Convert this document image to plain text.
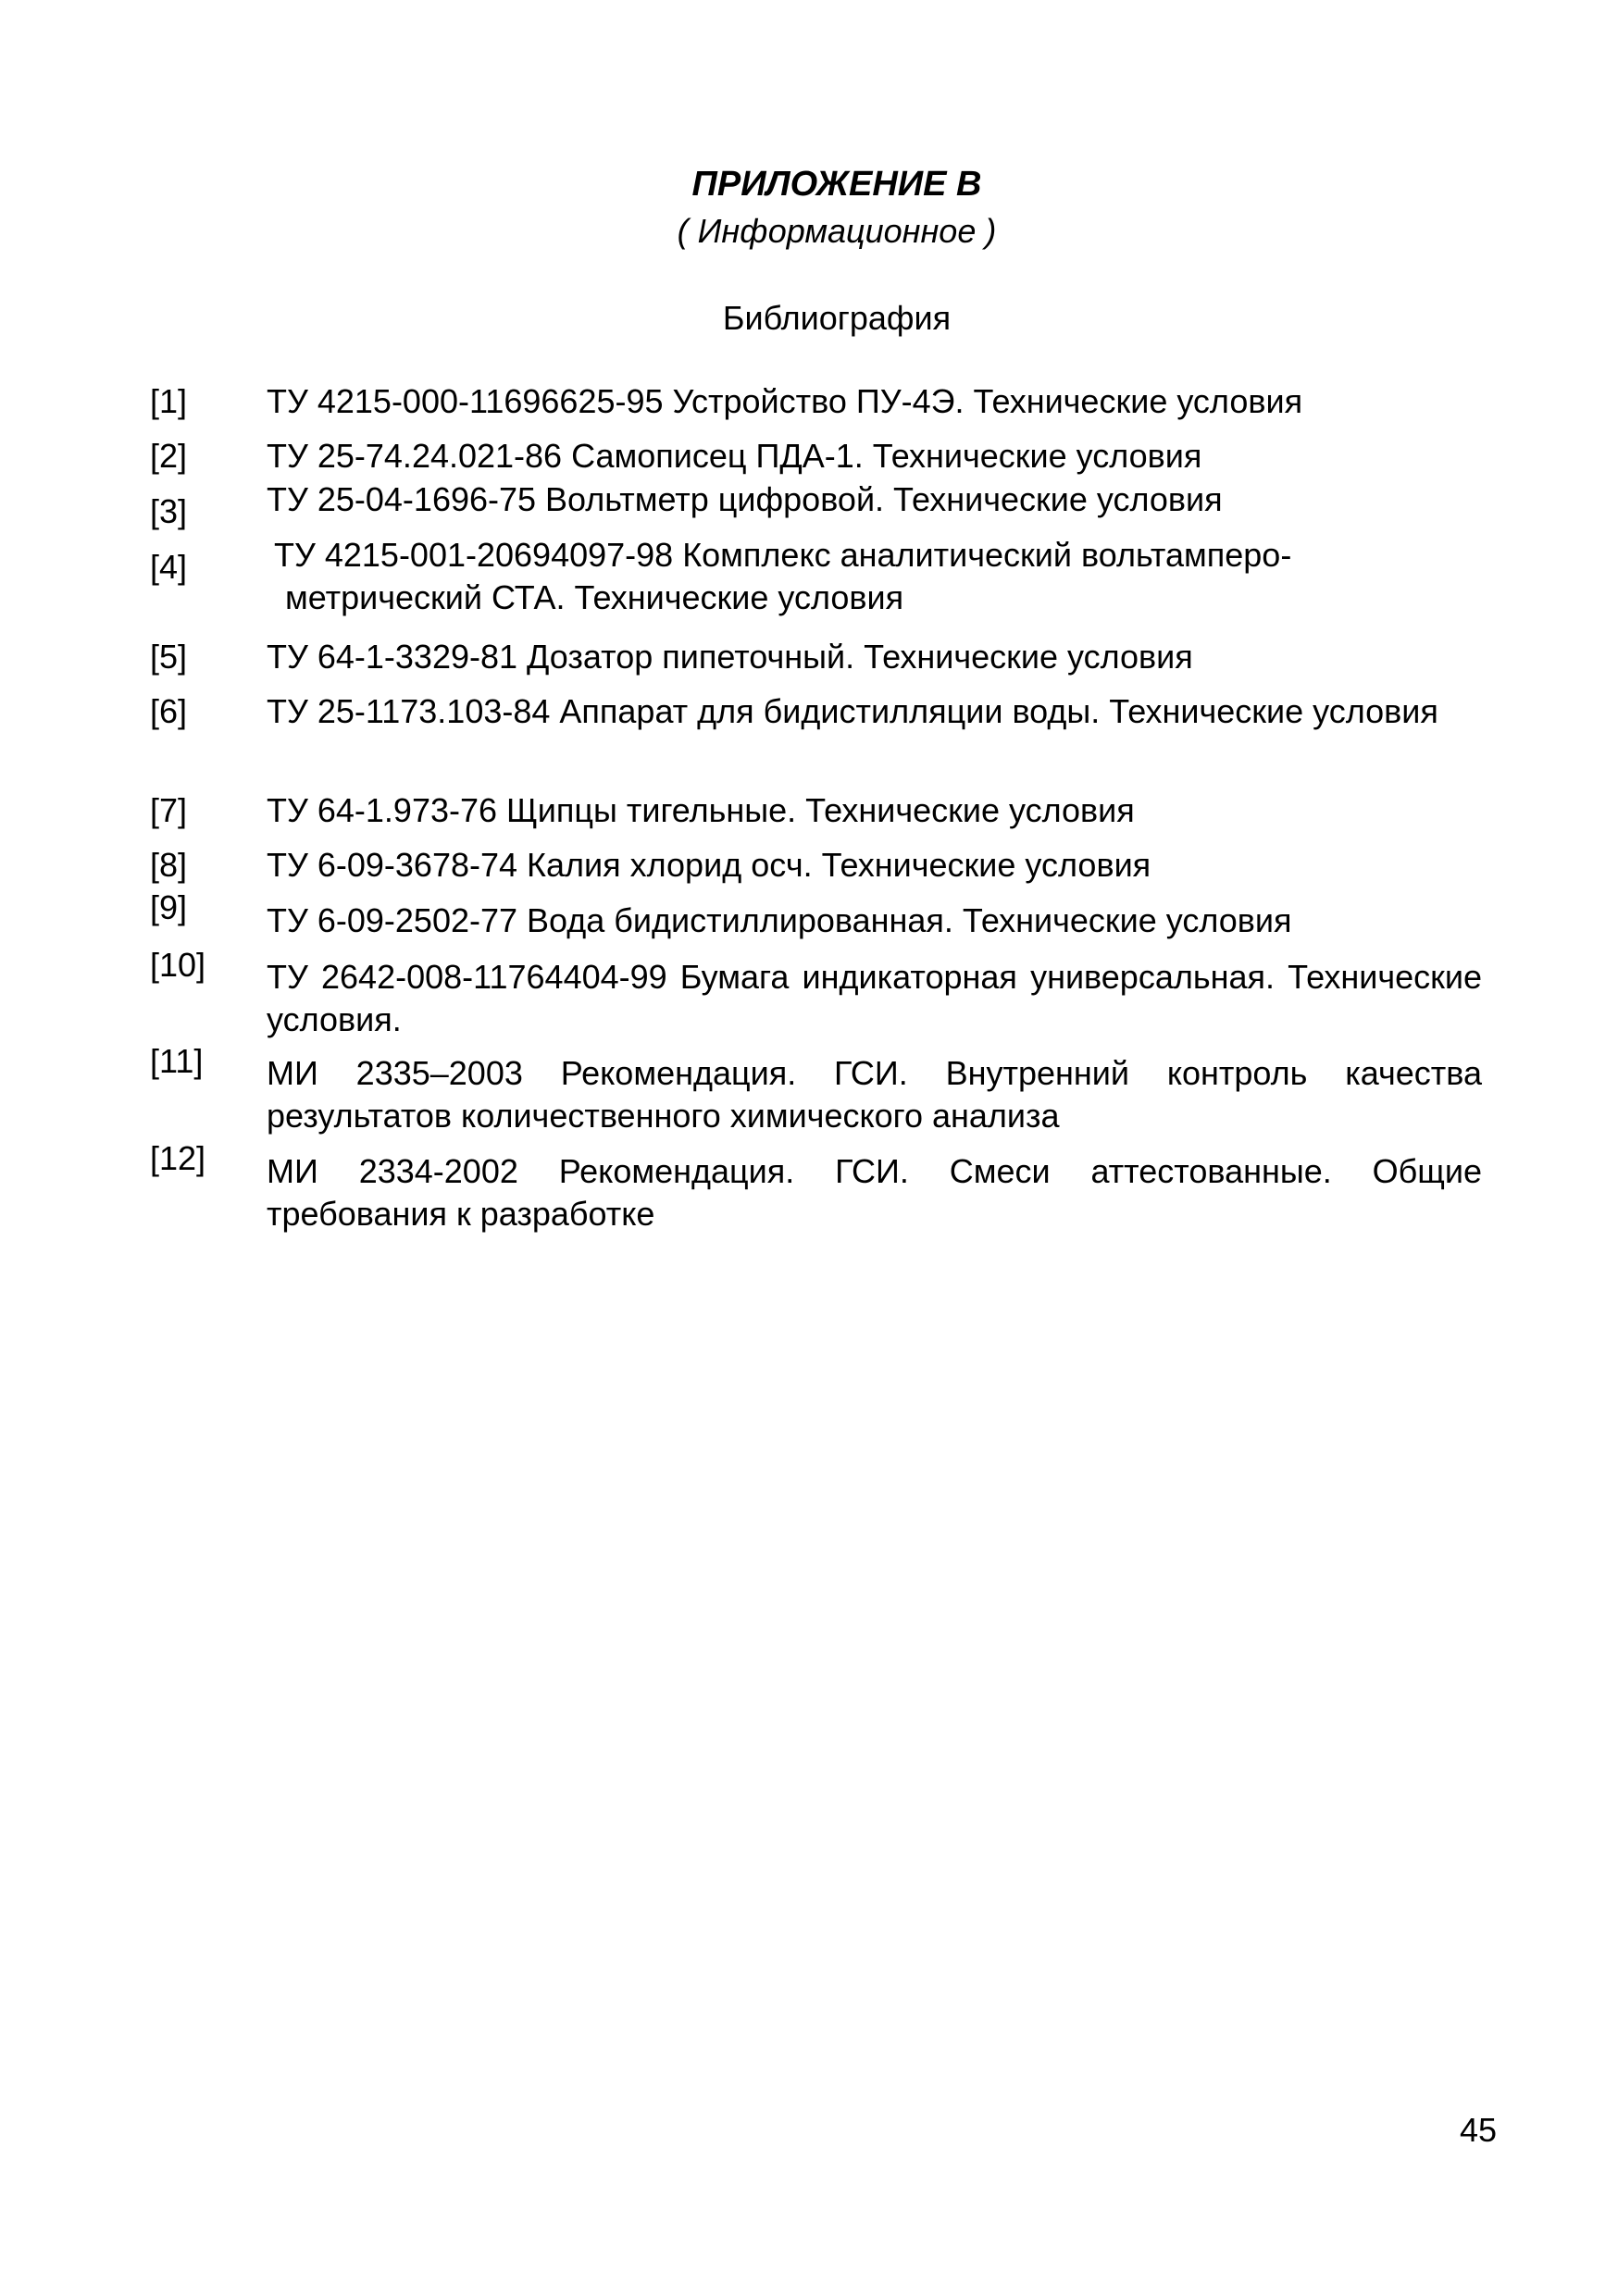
ПРИЛОЖЕНИЕ В
( Информационное )
Библиография
[1] ТУ 4215-000-11696625-95 Устройство ПУ-4Э. Технические условия
[2] ТУ 25-74.24.021-86 Самописец ПДА-1. Технические условия
[3] ТУ 25-04-1696-75 Вольтметр цифровой. Технические условия
[4]	ТУ 4215-001-20694097-98 Комплекс аналитический вольтамперо-
метрический СТА. Технические условия
[5] ТУ 64-1-3329-81 Дозатор пипеточный. Технические условия
[6] ТУ 25-1173.103-84 Аппарат для бидистилляции воды. Технические условия
[7] ТУ 64-1.973-76 Щипцы тигельные. Технические условия
[8] ТУ 6-09-3678-74 Калия хлорид осч. Технические условия
[9] ТУ 6-09-2502-77 Вода бидистиллированная. Технические условия
[10] ТУ 2642-008-11764404-99 Бумага индикаторная универсальная. Технические условия.
[11] МИ 2335–2003 Рекомендация. ГСИ. Внутренний контроль качества результатов количественного химического анализа
[12] МИ 2334-2002 Рекомендация. ГСИ. Смеси аттестованные. Общие требования к разработке
45
